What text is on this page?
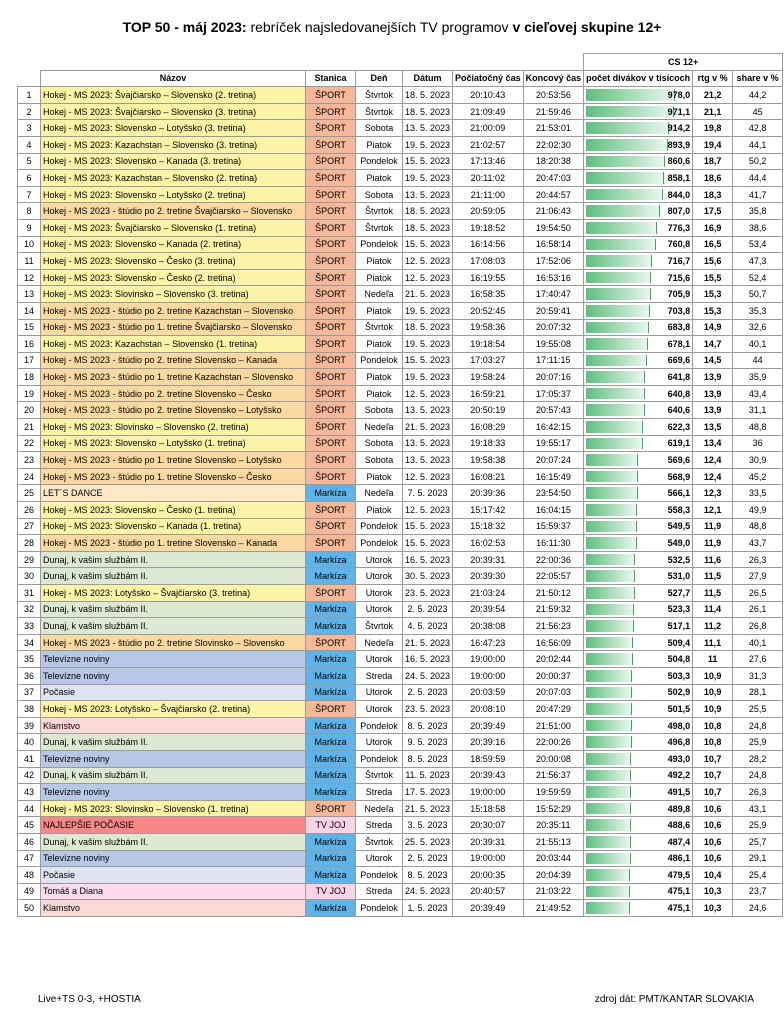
TOP 50 - máj 2023: rebríček najsledovanejších TV programov v cieľovej skupine 12+
							CS 12+		
	Názov	Stanica	Deň	Dátum	Počiatočný čas	Koncový čas	počet divákov v tisícoch	rtg v %	share v %
1	Hokej - MS 2023: Švajčiarsko – Slovensko (2. tretina)	ŠPORT	Štvrtok	18. 5. 2023	20:10:43	20:53:56	978,0	21,2	44,2
2	Hokej - MS 2023: Švajčiarsko – Slovensko (3. tretina)	ŠPORT	Štvrtok	18. 5. 2023	21:09:49	21:59:46	971,1	21,1	45
3	Hokej - MS 2023: Slovensko – Lotyšsko (3. tretina)	ŠPORT	Sobota	13. 5. 2023	21:00:09	21:53:01	914,2	19,8	42,8
4	Hokej - MS 2023: Kazachstan – Slovensko (3. tretina)	ŠPORT	Piatok	19. 5. 2023	21:02:57	22:02:30	893,9	19,4	44,1
5	Hokej - MS 2023: Slovensko – Kanada (3. tretina)	ŠPORT	Pondelok	15. 5. 2023	17:13:46	18:20:38	860,6	18,7	50,2
6	Hokej - MS 2023: Kazachstan – Slovensko (2. tretina)	ŠPORT	Piatok	19. 5. 2023	20:11:02	20:47:03	858,1	18,6	44,4
7	Hokej - MS 2023: Slovensko – Lotyšsko (2. tretina)	ŠPORT	Sobota	13. 5. 2023	21:11:00	20:44:57	844,0	18,3	41,7
8	Hokej - MS 2023 - štúdio po 2. tretine Švajčiarsko – Slovensko	ŠPORT	Štvrtok	18. 5. 2023	20:59:05	21:06:43	807,0	17,5	35,8
9	Hokej - MS 2023: Švajčiarsko – Slovensko (1. tretina)	ŠPORT	Štvrtok	18. 5. 2023	19:18:52	19:54:50	776,3	16,9	38,6
10	Hokej - MS 2023: Slovensko – Kanada (2. tretina)	ŠPORT	Pondelok	15. 5. 2023	16:14:56	16:58:14	760,8	16,5	53,4
11	Hokej - MS 2023: Slovensko – Česko (3. tretina)	ŠPORT	Piatok	12. 5. 2023	17:08:03	17:52:06	716,7	15,6	47,3
12	Hokej - MS 2023: Slovensko – Česko (2. tretina)	ŠPORT	Piatok	12. 5. 2023	16:19:55	16:53:16	715,6	15,5	52,4
13	Hokej - MS 2023: Slovinsko – Slovensko (3. tretina)	ŠPORT	Nedeľa	21. 5. 2023	16:58:35	17:40:47	705,9	15,3	50,7
14	Hokej - MS 2023 - štúdio po 2. tretine Kazachstan – Slovensko	ŠPORT	Piatok	19. 5. 2023	20:52:45	20:59:41	703,8	15,3	35,3
15	Hokej - MS 2023 - štúdio po 1. tretine Švajčiarsko – Slovensko	ŠPORT	Štvrtok	18. 5. 2023	19:58:36	20:07:32	683,8	14,9	32,6
16	Hokej - MS 2023: Kazachstan – Slovensko (1. tretina)	ŠPORT	Piatok	19. 5. 2023	19:18:54	19:55:08	678,1	14,7	40,1
17	Hokej - MS 2023 - štúdio po 2. tretine Slovensko – Kanada	ŠPORT	Pondelok	15. 5. 2023	17:03:27	17:11:15	669,6	14,5	44
18	Hokej - MS 2023 - štúdio po 1. tretine Kazachstan – Slovensko	ŠPORT	Piatok	19. 5. 2023	19:58:24	20:07:16	641,8	13,9	35,9
19	Hokej - MS 2023 - štúdio po 2. tretine Slovensko – Česko	ŠPORT	Piatok	12. 5. 2023	16:59:21	17:05:37	640,8	13,9	43,4
20	Hokej - MS 2023 - štúdio po 2. tretine Slovensko – Lotyšsko	ŠPORT	Sobota	13. 5. 2023	20:50:19	20:57:43	640,6	13,9	31,1
21	Hokej - MS 2023: Slovinsko – Slovensko (2. tretina)	ŠPORT	Nedeľa	21. 5. 2023	16:08:29	16:42:15	622,3	13,5	48,8
22	Hokej - MS 2023: Slovensko – Lotyšsko (1. tretina)	ŠPORT	Sobota	13. 5. 2023	19:18:33	19:55:17	619,1	13,4	36
23	Hokej - MS 2023 - štúdio po 1. tretine Slovensko – Lotyšsko	ŠPORT	Sobota	13. 5. 2023	19:58:38	20:07:24	569,6	12,4	30,9
24	Hokej - MS 2023 - štúdio po 1. tretine Slovensko – Česko	ŠPORT	Piatok	12. 5. 2023	16:08:21	16:15:49	568,9	12,4	45,2
25	LET´S DANCE	Markíza	Nedeľa	7. 5. 2023	20:39:36	23:54:50	566,1	12,3	33,5
26	Hokej - MS 2023: Slovensko – Česko (1. tretina)	ŠPORT	Piatok	12. 5. 2023	15:17:42	16:04:15	558,3	12,1	49,9
27	Hokej - MS 2023: Slovensko – Kanada (1. tretina)	ŠPORT	Pondelok	15. 5. 2023	15:18:32	15:59:37	549,5	11,9	48,8
28	Hokej - MS 2023 - štúdio po 1. tretine Slovensko – Kanada	ŠPORT	Pondelok	15. 5. 2023	16:02:53	16:11:30	549,0	11,9	43,7
29	Dunaj, k vašim službám II.	Markíza	Utorok	16. 5. 2023	20:39:31	22:00:36	532,5	11,6	26,3
30	Dunaj, k vašim službám II.	Markíza	Utorok	30. 5. 2023	20:39:30	22:05:57	531,0	11,5	27,9
31	Hokej - MS 2023: Lotyšsko – Švajčiarsko (3. tretina)	ŠPORT	Utorok	23. 5. 2023	21:03:24	21:50:12	527,7	11,5	26,5
32	Dunaj, k vašim službám II.	Markíza	Utorok	2. 5. 2023	20:39:54	21:59:32	523,3	11,4	26,1
33	Dunaj, k vašim službám II.	Markíza	Štvrtok	4. 5. 2023	20:38:08	21:56:23	517,1	11,2	26,8
34	Hokej - MS 2023 - štúdio po 2. tretine Slovinsko – Slovensko	ŠPORT	Nedeľa	21. 5. 2023	16:47:23	16:56:09	509,4	11,1	40,1
35	Televízne noviny	Markíza	Utorok	16. 5. 2023	19:00:00	20:02:44	504,8	11	27,6
36	Televízne noviny	Markíza	Streda	24. 5. 2023	19:00:00	20:00:37	503,3	10,9	31,3
37	Počasie	Markíza	Utorok	2. 5. 2023	20:03:59	20:07:03	502,9	10,9	28,1
38	Hokej - MS 2023: Lotyšsko – Švajčiarsko (2. tretina)	ŠPORT	Utorok	23. 5. 2023	20:08:10	20:47:29	501,5	10,9	25,5
39	Klamstvo	Markíza	Pondelok	8. 5. 2023	20:39:49	21:51:00	498,0	10,8	24,8
40	Dunaj, k vašim službám II.	Markíza	Utorok	9. 5. 2023	20:39:16	22:00:26	496,8	10,8	25,9
41	Televízne noviny	Markíza	Pondelok	8. 5. 2023	18:59:59	20:00:08	493,0	10,7	28,2
42	Dunaj, k vašim službám II.	Markíza	Štvrtok	11. 5. 2023	20:39:43	21:56:37	492,2	10,7	24,8
43	Televízne noviny	Markíza	Streda	17. 5. 2023	19:00:00	19:59:59	491,5	10,7	26,3
44	Hokej - MS 2023: Slovinsko – Slovensko (1. tretina)	ŠPORT	Nedeľa	21. 5. 2023	15:18:58	15:52:29	489,8	10,6	43,1
45	NAJLEPŠIE POČASIE	TV JOJ	Streda	3. 5. 2023	20:30:07	20:35:11	488,6	10,6	25,9
46	Dunaj, k vašim službám II.	Markíza	Štvrtok	25. 5. 2023	20:39:31	21:55:13	487,4	10,6	25,7
47	Televízne noviny	Markíza	Utorok	2. 5. 2023	19:00:00	20:03:44	486,1	10,6	29,1
48	Počasie	Markíza	Pondelok	8. 5. 2023	20:00:35	20:04:39	479,5	10,4	25,4
49	Tomáš a Diana	TV JOJ	Streda	24. 5. 2023	20:40:57	21:03:22	475,1	10,3	23,7
50	Klamstvo	Markíza	Pondelok	1. 5. 2023	20:39:49	21:49:52	475,1	10,3	24,6
Live+TS 0-3, +HOSTIA	zdroj dát: PMT/KANTAR SLOVAKIA
